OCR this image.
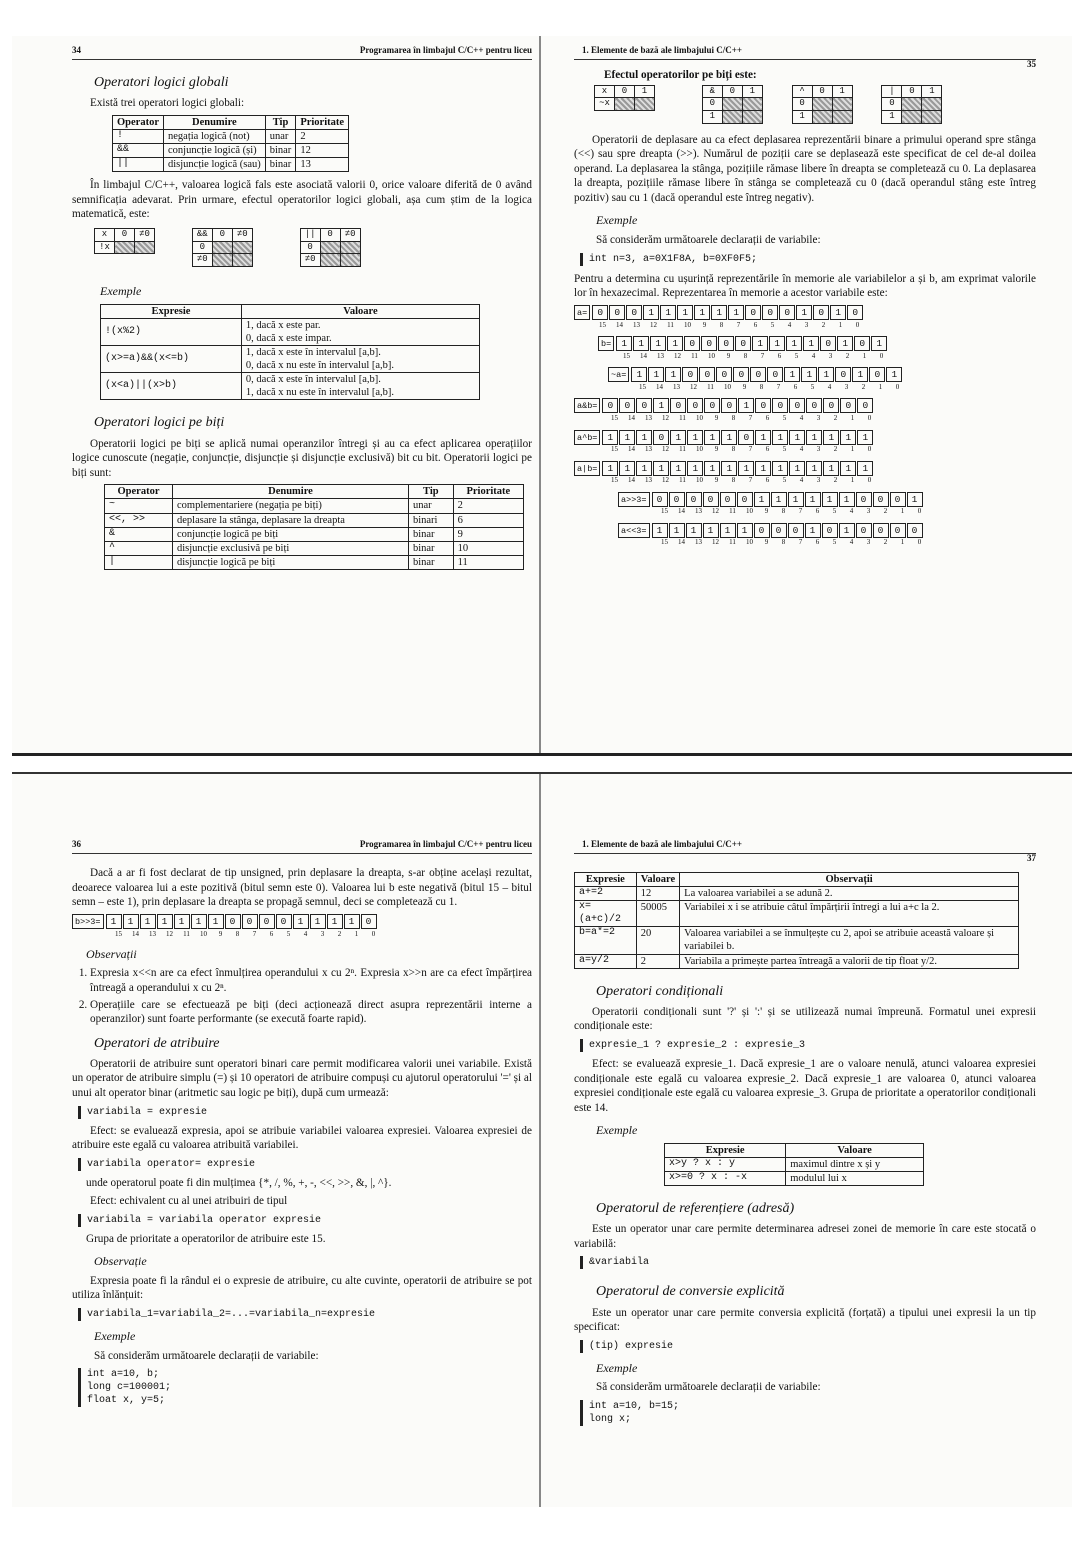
34	Programarea în limbajul C/C++ pentru liceu
Operatori logici globali

Există trei operatori logici globali:

Operator	Denumire	Tip	Prioritate
!	negația logică (not)	unar	2
&&	conjuncție logică (și)	binar	12
||	disjuncție logică (sau)	binar	13

În limbajul C/C++, valoarea logică fals este asociată valorii 0, orice valoare diferită de 0 având semnificația adevarat. Prin urmare, efectul operatorilor logici globali, așa cum știm de la logica matematică, este:

x	0	≠0
!x		

&&	0	≠0
0		
≠0		

||	0	≠0
0		
≠0		
Exemple
Expresie	Valoare
!(x%2)	1, dacă x este par.
0, dacă x este impar.

(x>=a)&&(x<=b)	1, dacă x este în intervalul [a,b].
0, dacă x nu este în intervalul [a,b].

(x<a)||(x>b)	0, dacă x este în intervalul [a,b].
1, dacă x nu este în intervalul [a,b].
Operatori logici pe biți

Operatorii logici pe biți se aplică numai operanzilor întregi și au ca efect aplicarea operațiilor logice cunoscute (negație, conjuncție, disjuncție și disjuncție exclusivă) bit cu bit. Operatorii logici pe biți sunt:

Operator	Denumire	Tip	Prioritate
~	complementariere (negația pe biți)	unar	2
<<, >>	deplasare la stânga, deplasare la dreapta	binari	6
&	conjuncție logică pe biți	binar	9
^	disjuncție exclusivă pe biți	binar	10
|	disjuncție logică pe biți	binar	11
1. Elemente de bază ale limbajului C/C++
35

Efectul operatorilor pe biți este:

x	0	1
~x		

&	0	1
0		
1		

^	0	1
0		
1		

|	0	1
0		
1		

Operatorii de deplasare au ca efect deplasarea reprezentării binare a primului operand spre stânga (<<) sau spre dreapta (>>). Numărul de poziții care se deplasează este specificat de cel de-al doilea operand. La deplasarea la stânga, pozițiile rămase libere în dreapta se completează cu 0. La deplasarea la dreapta, pozițiile rămase libere în stânga se completează cu 0 (dacă operandul stâng este întreg pozitiv) sau cu 1 (dacă operandul este întreg negativ).

Exemple

Să considerăm următoarele declarații de variabile:

int n=3, a=0X1F8A, b=0XF0F5;

Pentru a determina cu ușurință reprezentările în memorie ale variabilelor a și b, am exprimat valorile lor în hexazecimal. Reprezentarea în memorie a acestor variabile este:

a=	0	0	0	1	1	1	1	1	1	0	0	0	1	0	1	0
15	14	13	12	11	10	9	8	7	6	5	4	3	2	1	0
b=	1	1	1	1	0	0	0	0	1	1	1	1	0	1	0	1
15	14	13	12	11	10	9	8	7	6	5	4	3	2	1	0
~a=	1	1	1	0	0	0	0	0	0	1	1	1	0	1	0	1
15	14	13	12	11	10	9	8	7	6	5	4	3	2	1	0
a&b=	0	0	0	1	0	0	0	0	1	0	0	0	0	0	0	0
15	14	13	12	11	10	9	8	7	6	5	4	3	2	1	0
a^b=	1	1	1	0	1	1	1	1	0	1	1	1	1	1	1	1
15	14	13	12	11	10	9	8	7	6	5	4	3	2	1	0
a|b=	1	1	1	1	1	1	1	1	1	1	1	1	1	1	1	1
15	14	13	12	11	10	9	8	7	6	5	4	3	2	1	0
a>>3=	0	0	0	0	0	0	1	1	1	1	1	1	0	0	0	1
15	14	13	12	11	10	9	8	7	6	5	4	3	2	1	0
a<<3=	1	1	1	1	1	1	0	0	0	1	0	1	0	0	0	0
15	14	13	12	11	10	9	8	7	6	5	4	3	2	1	0
36	Programarea în limbajul C/C++ pentru liceu

Dacă a ar fi fost declarat de tip unsigned, prin deplasare la dreapta, s-ar obține același rezultat, deoarece valoarea lui a este pozitivă (bitul semn este 0). Valoarea lui b este negativă (bitul 15 – bitul semn – este 1), prin deplasare la dreapta se propagă semnul, deci se completează cu 1.

b>>3=	1	1	1	1	1	1	1	0	0	0	0	1	1	1	1	0
15	14	13	12	11	10	9	8	7	6	5	4	3	2	1	0
Observații
1. Expresia x<<n are ca efect înmulțirea operandului x cu 2ⁿ. Expresia x>>n are ca efect împărțirea întreagă a operandului x cu 2ⁿ.
2. Operațiile care se efectuează pe biți (deci acționează direct asupra reprezentării interne a operanzilor) sunt foarte performante (se execută foarte rapid).
Operatori de atribuire

Operatorii de atribuire sunt operatori binari care permit modificarea valorii unei variabile. Există un operator de atribuire simplu (=) și 10 operatori de atribuire compuși cu ajutorul operatorului '=' și al unui alt operator binar (aritmetic sau logic pe biți), după cum urmează:

variabila = expresie

Efect: se evaluează expresia, apoi se atribuie variabilei valoarea expresiei. Valoarea expresiei de atribuire este egală cu valoarea atribuită variabilei.

variabila operator= expresie

unde operatorul poate fi din mulțimea {*, /, %, +, -, <<, >>, &, |, ^}.

Efect: echivalent cu al unei atribuiri de tipul

variabila = variabila operator expresie

Grupa de prioritate a operatorilor de atribuire este 15.

Observație

Expresia poate fi la rândul ei o expresie de atribuire, cu alte cuvinte, operatorii de atribuire se pot utiliza înlănțuit:

variabila_1=variabila_2=...=variabila_n=expresie
Exemple

Să considerăm următoarele declarații de variabile:

int a=10, b;
long c=100001;
float x, y=5;
1. Elemente de bază ale limbajului C/C++
37
Expresie	Valoare	Observații
a+=2	12	La valoarea variabilei a se adună 2.
x=(a+c)/2	50005	Variabilei x i se atribuie câtul împărțirii întregi a lui a+c la 2.
b=a*=2	20	Valoarea variabilei a se înmulțește cu 2, apoi se atribuie această valoare și variabilei b.
a=y/2	2	Variabila a primește partea întreagă a valorii de tip float y/2.
Operatori condiționali

Operatorii condiționali sunt '?' și ':' și se utilizează numai împreună. Formatul unei expresii condiționale este:

expresie_1 ? expresie_2 : expresie_3

Efect: se evaluează expresie_1. Dacă expresie_1 are o valoare nenulă, atunci valoarea expresiei condiționale este egală cu valoarea expresie_2. Dacă expresie_1 are valoarea 0, atunci valoarea expresiei condiționale este egală cu valoarea expresie_3. Grupa de prioritate a operatorilor condiționali este 14.

Exemple
Expresie	Valoare
x>y ? x : y	maximul dintre x și y
x>=0 ? x : -x	modulul lui x
Operatorul de referențiere (adresă)

Este un operator unar care permite determinarea adresei zonei de memorie în care este stocată o variabilă:

&variabila
Operatorul de conversie explicită

Este un operator unar care permite conversia explicită (forțată) a tipului unei expresii la un tip specificat:

(tip) expresie
Exemple

Să considerăm următoarele declarații de variabile:

int a=10, b=15;
long x;
